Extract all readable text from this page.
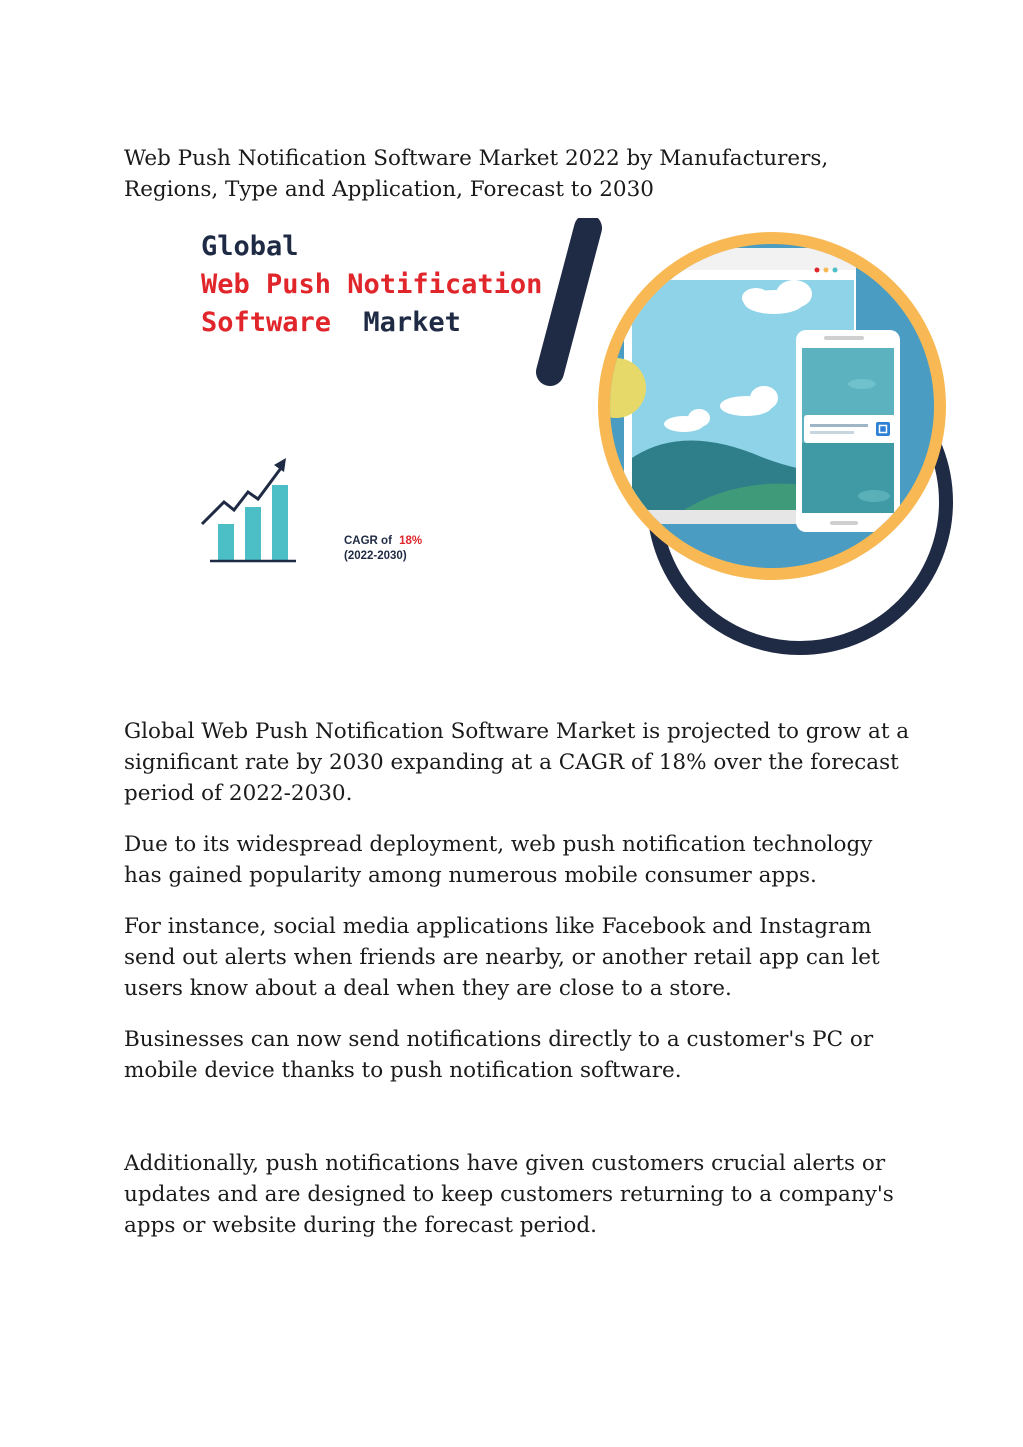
Web Push Notification Software Market 2022 by Manufacturers, Regions, Type and Application, Forecast to 2030
Global
Web Push Notification
Software Market
CAGR of 18%
(2022-2030)

Global Web Push Notification Software Market is projected to grow at a significant rate by 2030 expanding at a CAGR of 18% over the forecast period of 2022-2030.

Due to its widespread deployment, web push notification technology has gained popularity among numerous mobile consumer apps.

For instance, social media applications like Facebook and Instagram send out alerts when friends are nearby, or another retail app can let users know about a deal when they are close to a store.

Businesses can now send notifications directly to a customer's PC or mobile device thanks to push notification software.

Additionally, push notifications have given customers crucial alerts or updates and are designed to keep customers returning to a company's apps or website during the forecast period.
